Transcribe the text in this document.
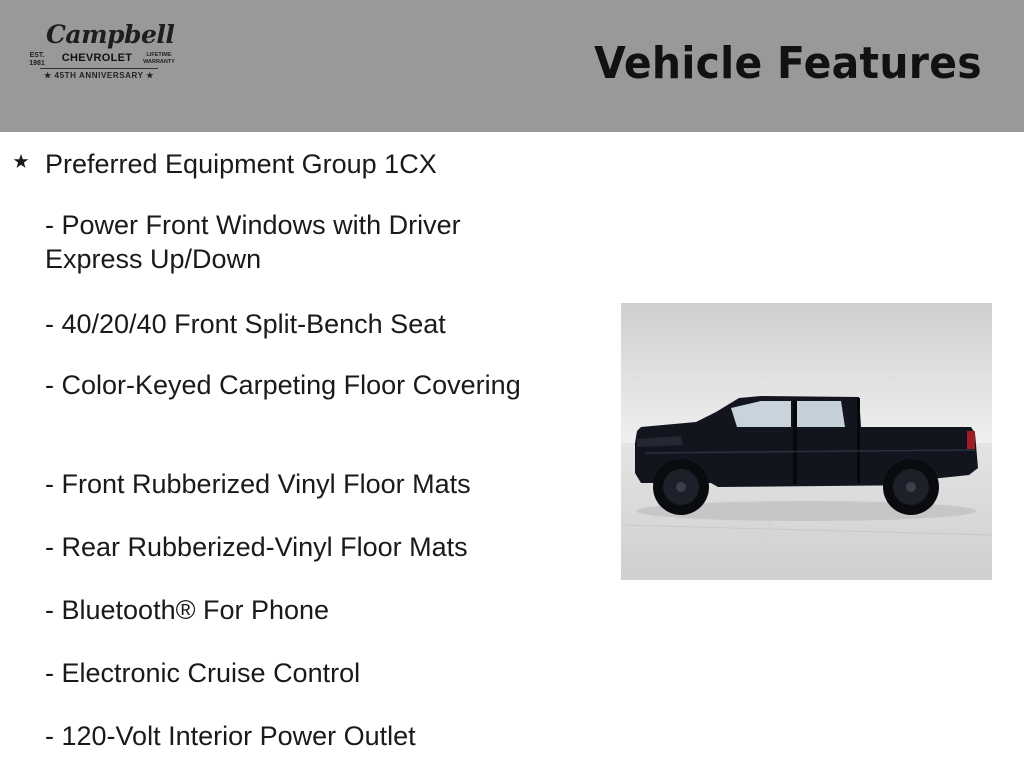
Campbell
EST. 1981	CHEVROLET	LIFETIME WARRANTY
★ 45TH ANNIVERSARY ★	Vehicle Features
Preferred Equipment Group 1CX
- Power Front Windows with Driver Express Up/Down
- 40/20/40 Front Split-Bench Seat
- Color-Keyed Carpeting Floor Covering
- Front Rubberized Vinyl Floor Mats
- Rear Rubberized-Vinyl Floor Mats
- Bluetooth® For Phone
- Electronic Cruise Control
- 120-Volt Interior Power Outlet
